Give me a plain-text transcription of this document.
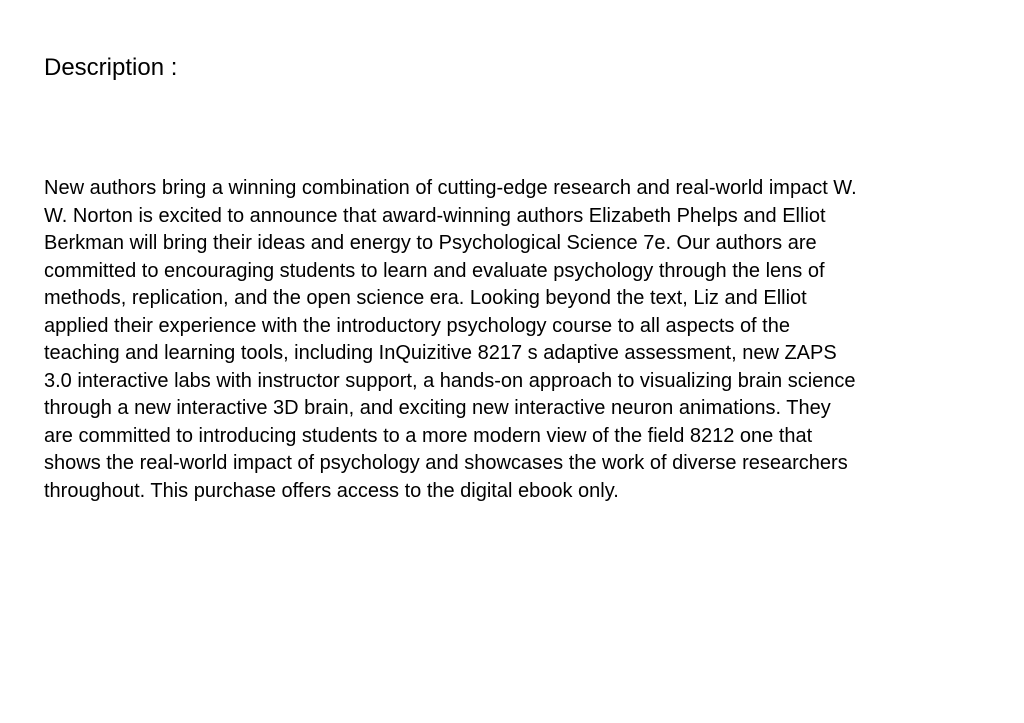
Description :

New authors bring a winning combination of cutting-edge research and real-world impact W.
W. Norton is excited to announce that award-winning authors Elizabeth Phelps and Elliot
Berkman will bring their ideas and energy to Psychological Science 7e. Our authors are
committed to encouraging students to learn and evaluate psychology through the lens of
methods, replication, and the open science era. Looking beyond the text, Liz and Elliot
applied their experience with the introductory psychology course to all aspects of the
teaching and learning tools, including InQuizitive 8217 s adaptive assessment, new ZAPS
3.0 interactive labs with instructor support, a hands-on approach to visualizing brain science
through a new interactive 3D brain, and exciting new interactive neuron animations. They
are committed to introducing students to a more modern view of the field 8212 one that
shows the real-world impact of psychology and showcases the work of diverse researchers
throughout. This purchase offers access to the digital ebook only.
